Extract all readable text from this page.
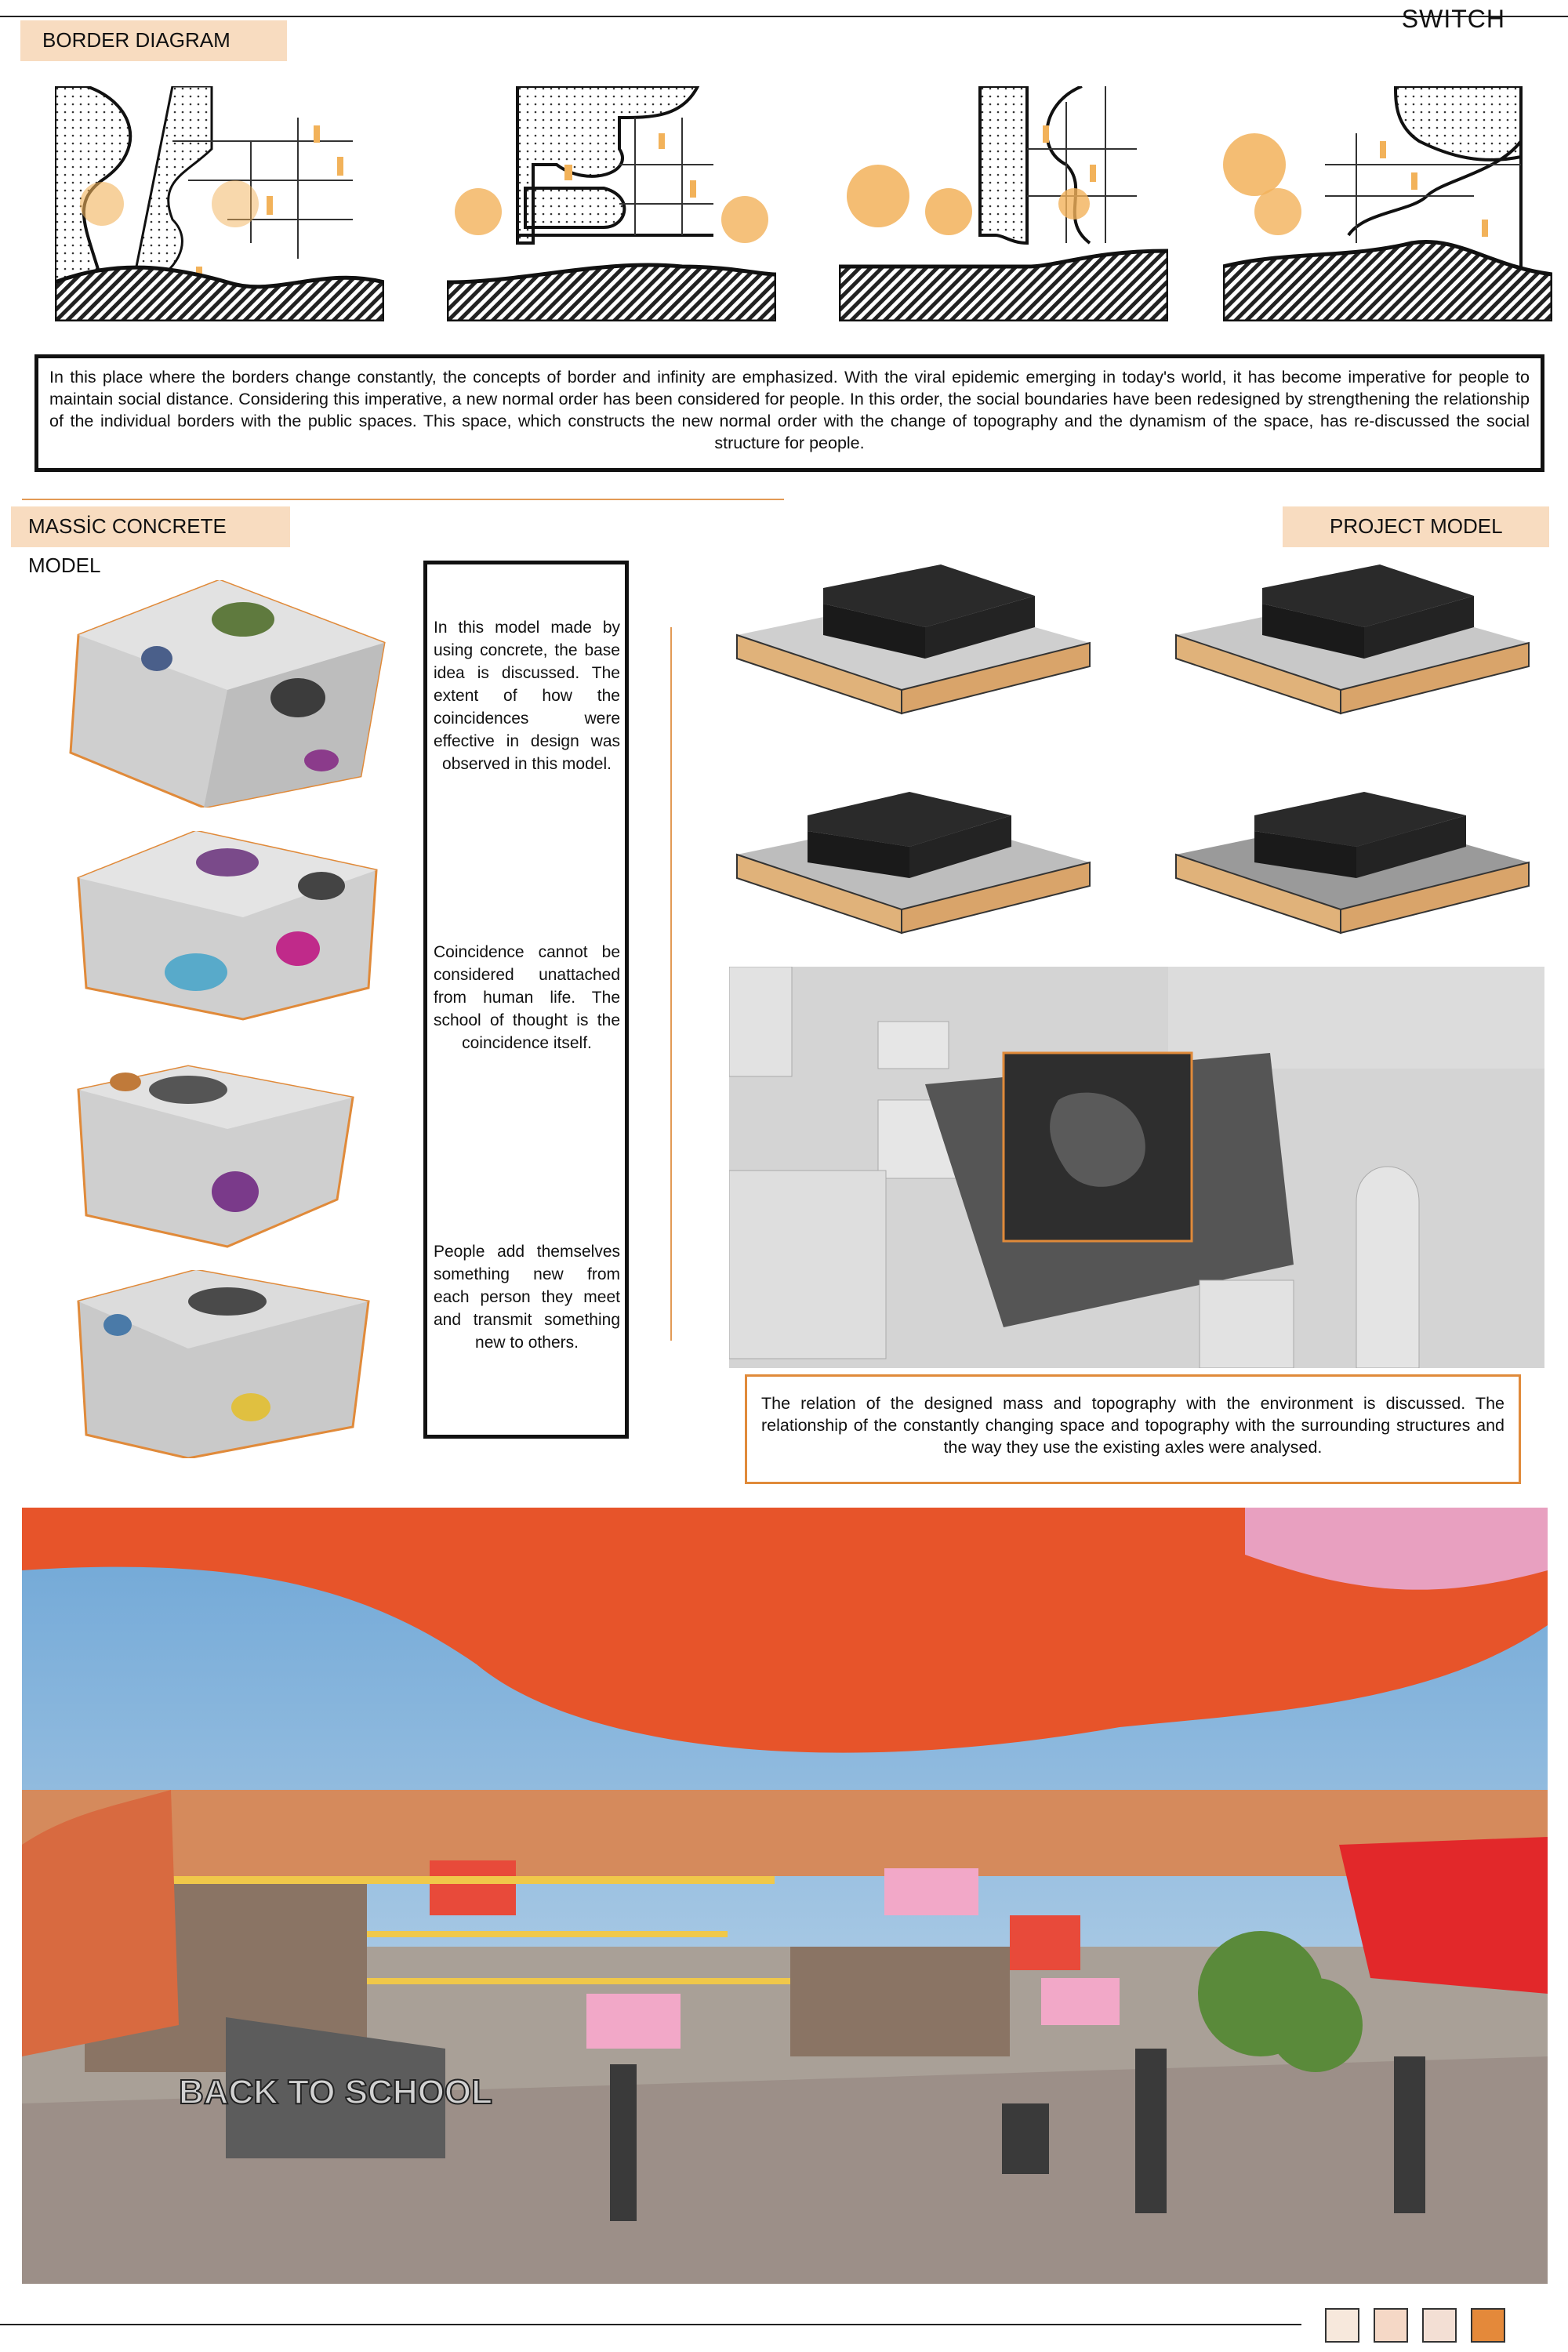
SWITCH
BORDER DIAGRAM
In this place where the borders change constantly, the concepts of border and infinity are emphasized. With the viral epidemic emerging in today's world, it has become imperative for people to maintain social distance. Considering this imperative, a new normal order has been considered for people. In this order, the social boundaries have been redesigned by strengthening the relationship of the individual borders with the public spaces. This space, which constructs the new normal order with the change of topography and the dynamism of the space, has re-discussed the social structure for people.
MASSİC CONCRETE MODEL
In this model made by using concrete, the base idea is discussed. The extent of how the coincidences were effective in design was observed in this model.
Coincidence cannot be considered unattached from human life. The school of thought is the coincidence itself.
People add themselves something new from each person they meet and transmit something new to others.
PROJECT MODEL
The relation of the designed mass and topography with the environment is discussed. The relationship of the constantly changing space and topography with the surrounding structures and the way they use the existing axles were analysed.
BACK TO SCHOOL
